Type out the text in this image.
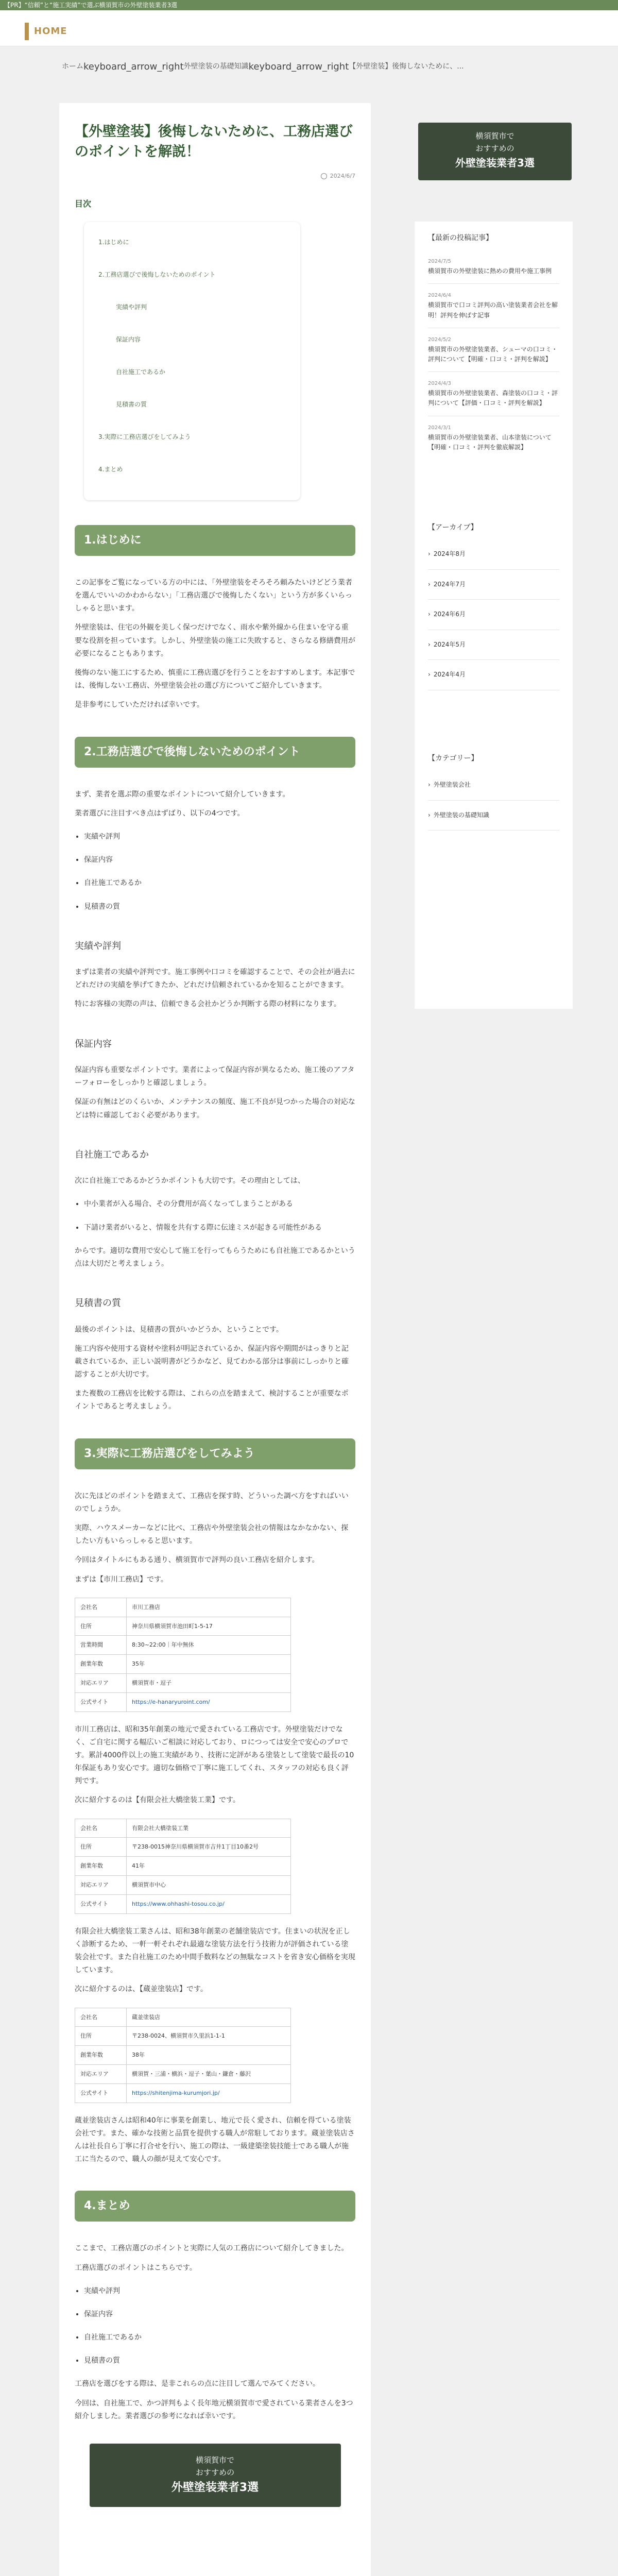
【PR】“信頼”と“施工実績”で選ぶ横須賀市の外壁塗装業者3選
HOME
ホーム keyboard_arrow_right 外壁塗装の基礎知識 keyboard_arrow_right 【外壁塗装】後悔しないために、...
【外壁塗装】後悔しないために、工務店選びのポイントを解説！
2024/6/7
目次
1.はじめに
2.工務店選びで後悔しないためのポイント
実績や評判
保証内容
自社施工であるか
見積書の質
3.実際に工務店選びをしてみよう
4.まとめ
1.はじめに

この記事をご覧になっている方の中には、「外壁塗装をそろそろ頼みたいけどどう業者を選んでいいのかわからない」「工務店選びで後悔したくない」という方が多くいらっしゃると思います。

外壁塗装は、住宅の外観を美しく保つだけでなく、雨水や紫外線から住まいを守る重要な役割を担っています。しかし、外壁塗装の施工に失敗すると、さらなる修繕費用が必要になることもあります。

後悔のない施工にするため、慎重に工務店選びを行うことをおすすめします。本記事では、後悔しない工務店、外壁塗装会社の選び方についてご紹介していきます。

是非参考にしていただければ幸いです。

2.工務店選びで後悔しないためのポイント

まず、業者を選ぶ際の重要なポイントについて紹介していきます。

業者選びに注目すべき点はずばり、以下の4つです。

• 実績や評判
• 保証内容
• 自社施工であるか
• 見積書の質
実績や評判

まずは業者の実績や評判です。施工事例や口コミを確認することで、その会社が過去にどれだけの実績を挙げてきたか、どれだけ信頼されているかを知ることができます。

特にお客様の実際の声は、信頼できる会社かどうか判断する際の材料になります。

保証内容

保証内容も重要なポイントです。業者によって保証内容が異なるため、施工後のアフターフォローをしっかりと確認しましょう。

保証の有無はどのくらいか、メンテナンスの頻度、施工不良が見つかった場合の対応などは特に確認しておく必要があります。

自社施工であるか

次に自社施工であるかどうかポイントも大切です。その理由としては、

• 中小業者が入る場合、その分費用が高くなってしまうことがある
• 下請け業者がいると、情報を共有する際に伝達ミスが起きる可能性がある

からです。適切な費用で安心して施工を行ってもらうためにも自社施工であるかという点は大切だと考えましょう。

見積書の質

最後のポイントは、見積書の質がいかどうか、ということです。

施工内容や使用する資材や塗料が明記されているか、保証内容や期間がはっきりと記載されているか、正しい説明書がどうかなど、見てわかる部分は事前にしっかりと確認することが大切です。

また複数の工務店を比較する際は、これらの点を踏まえて、検討することが重要なポイントであると考えましょう。

3.実際に工務店選びをしてみよう

次に先ほどのポイントを踏まえて、工務店を探す時、どういった調べ方をすればいいのでしょうか。

実際、ハウスメーカーなどに比べ、工務店や外壁塗装会社の情報はなかなかない、探したい方もいらっしゃると思います。

今回はタイトルにもある通り、横須賀市で評判の良い工務店を紹介します。

まずは【市川工務店】です。

会社名	市川工務店
住所	神奈川県横須賀市池田町1-5-17
営業時間	8:30~22:00｜年中無休
創業年数	35年
対応エリア	横須賀市・逗子
公式サイト	https://e-hanaryuroint.com/

市川工務店は、昭和35年創業の地元で愛されている工務店です。外壁塗装だけでなく、ご自宅に関する幅広いご相談に対応しており、ロにつっては安全で安心のプロです。累計4000件以上の施工実績があり、技術に定評がある塗装として塗装で最長の10年保証もあり安心です。適切な価格で丁寧に施工してくれ、スタッフの対応も良く評判です。

次に紹介するのは【有限会社大橋塗装工業】です。

会社名	有限会社大橋塗装工業
住所	〒238-0015神奈川県横須賀市吉井1丁目10番2号
創業年数	41年
対応エリア	横須賀市中心
公式サイト	https://www.ohhashi-tosou.co.jp/

有限会社大橋塗装工業さんは、昭和38年創業の老舗塗装店です。住まいの状況を正しく診断するため、一軒一軒それぞれ最適な塗装方法を行う技術力が評価されている塗装会社です。また自社施工のため中間手数料などの無駄なコストを省き安心価格を実現しています。

次に紹介するのは、【蔵並塗装店】です。

会社名	蔵並塗装店
住所	〒238-0024、横須賀市久里浜1-1-1
創業年数	38年
対応エリア	横須賀・三浦・横浜・逗子・葉山・鎌倉・藤沢
公式サイト	https://shitenjima-kurumjori.jp/

蔵並塗装店さんは昭和40年に事業を創業し、地元で長く愛され、信頼を得ている塗装会社です。また、確かな技術と品質を提供する職人が常駐しております。蔵並塗装店さんは社長自ら丁寧に打合せを行い、施工の際は、一級建築塗装技能士である職人が施工に当たるので、職人の顔が見えて安心です。

4.まとめ

ここまで、工務店選びのポイントと実際に人気の工務店について紹介してきました。

工務店選びのポイントはこちらです。

• 実績や評判
• 保証内容
• 自社施工であるか
• 見積書の質

工務店を選びをする際は、是非これらの点に注目して選んでみてください。

今回は、自社施工で、かつ評判もよく長年地元横須賀市で愛されている業者さんを3つ紹介しました。業者選びの参考になれば幸いです。

横須賀市で
おすすめの
外壁塗装業者3選
横須賀市で
おすすめの
外壁塗装業者3選
【最新の投稿記事】
2024/7/5
横須賀市の外壁塗装に熱めの費用や施工事例
2024/6/4
横須賀市で口コミ評判の高い塗装業者会社を解明！評判を伸ばす記事
2024/5/2
横須賀市の外壁塗装業者、シューマの口コミ・評判について【明確・口コミ・評判を解説】
2024/4/3
横須賀市の外壁塗装業者、森塗装の口コミ・評判について【評価・口コミ・評判を解説】
2024/3/1
横須賀市の外壁塗装業者、山本塗装について【明確・口コミ・評判を徹底解説】
【アーカイブ】
› 2024年8月
› 2024年7月
› 2024年6月
› 2024年5月
› 2024年4月
【カテゴリー】
› 外壁塗装会社
› 外壁塗装の基礎知識
